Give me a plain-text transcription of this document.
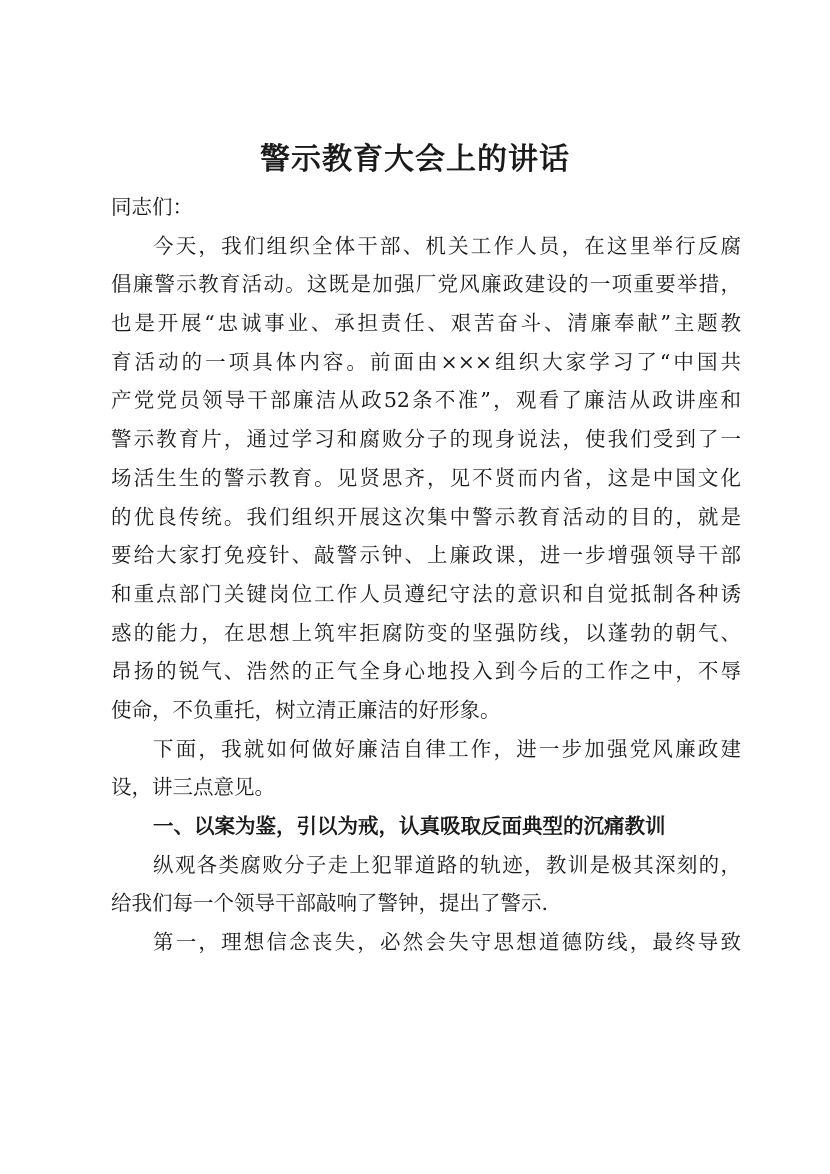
警示教育大会上的讲话
同志们：
今天，我们组织全体干部、机关工作人员，在这里举行反腐
倡廉警示教育活动。这既是加强厂党风廉政建设的一项重要举措，
也是开展“忠诚事业、承担责任、艰苦奋斗、清廉奉献”主题教
育活动的一项具体内容。前面由×××组织大家学习了“中国共
产党党员领导干部廉洁从政52条不准”，观看了廉洁从政讲座和
警示教育片，通过学习和腐败分子的现身说法，使我们受到了一
场活生生的警示教育。见贤思齐，见不贤而内省，这是中国文化
的优良传统。我们组织开展这次集中警示教育活动的目的，就是
要给大家打免疫针、敲警示钟、上廉政课，进一步增强领导干部
和重点部门关键岗位工作人员遵纪守法的意识和自觉抵制各种诱
惑的能力，在思想上筑牢拒腐防变的坚强防线，以蓬勃的朝气、
昂扬的锐气、浩然的正气全身心地投入到今后的工作之中，不辱
使命，不负重托，树立清正廉洁的好形象。
下面，我就如何做好廉洁自律工作，进一步加强党风廉政建
设，讲三点意见。
一、以案为鉴，引以为戒，认真吸取反面典型的沉痛教训
纵观各类腐败分子走上犯罪道路的轨迹，教训是极其深刻的，
给我们每一个领导干部敲响了警钟，提出了警示.
第一，理想信念丧失，必然会失守思想道德防线，最终导致
